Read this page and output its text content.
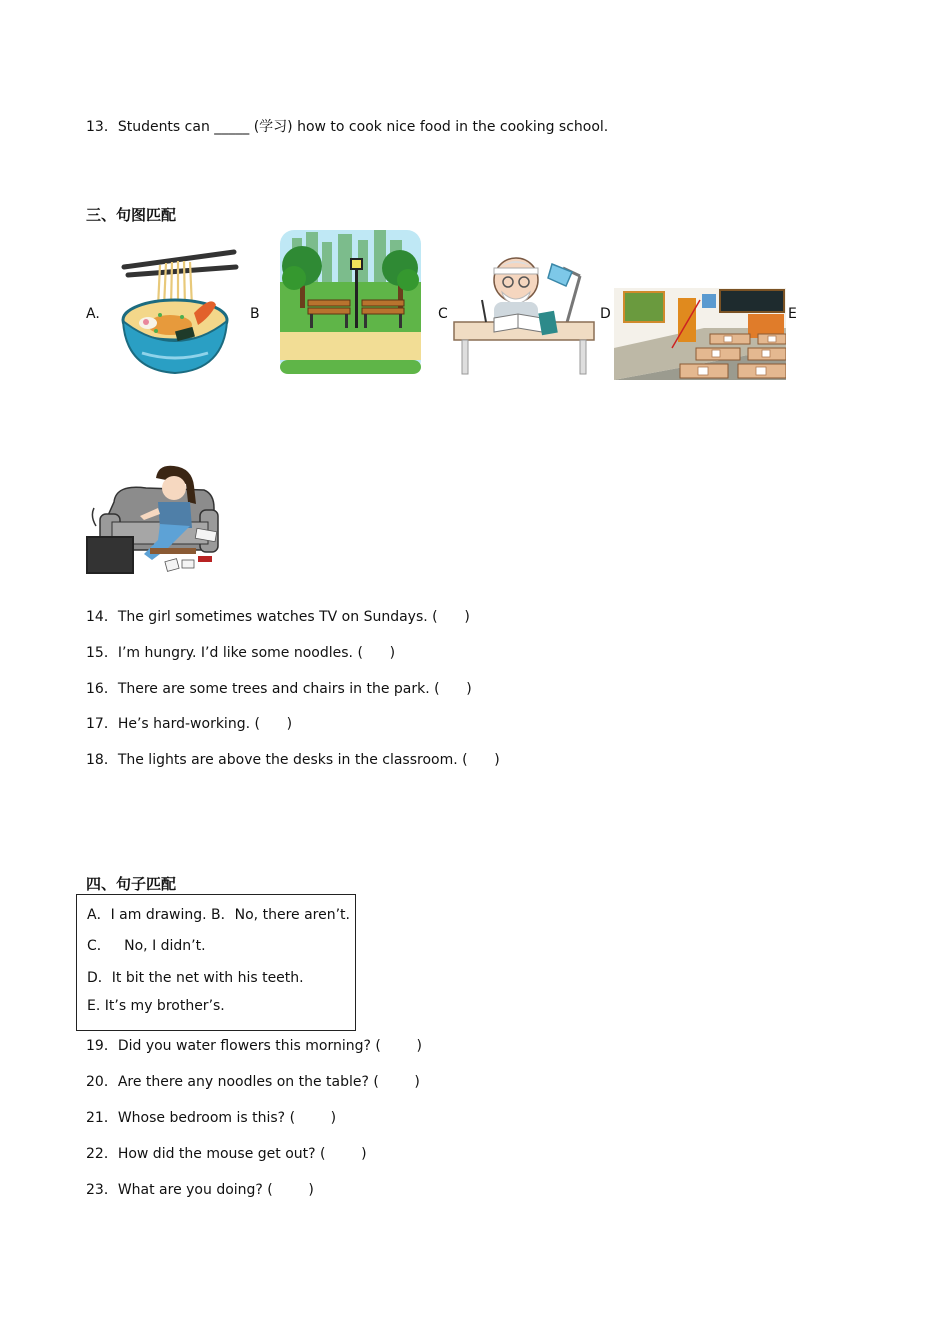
13．Students can _____ (学习) how to cook nice food in the cooking school.
三、句图匹配
A.	B	C	D	E
14．The girl sometimes watches TV on Sundays. (      )
15．I’m hungry. I’d like some noodles. (      )
16．There are some trees and chairs in the park. (      )
17．He’s hard-working. (      )
18．The lights are above the desks in the classroom. (      )
四、句子匹配
A．I am drawing. B．No, there aren’t.
C．   No, I didn’t.
D．It bit the net with his teeth.
E. It’s my brother’s.
19．Did you water flowers this morning? (        )
20．Are there any noodles on the table? (        )
21．Whose bedroom is this? (        )
22．How did the mouse get out? (        )
23．What are you doing? (        )
